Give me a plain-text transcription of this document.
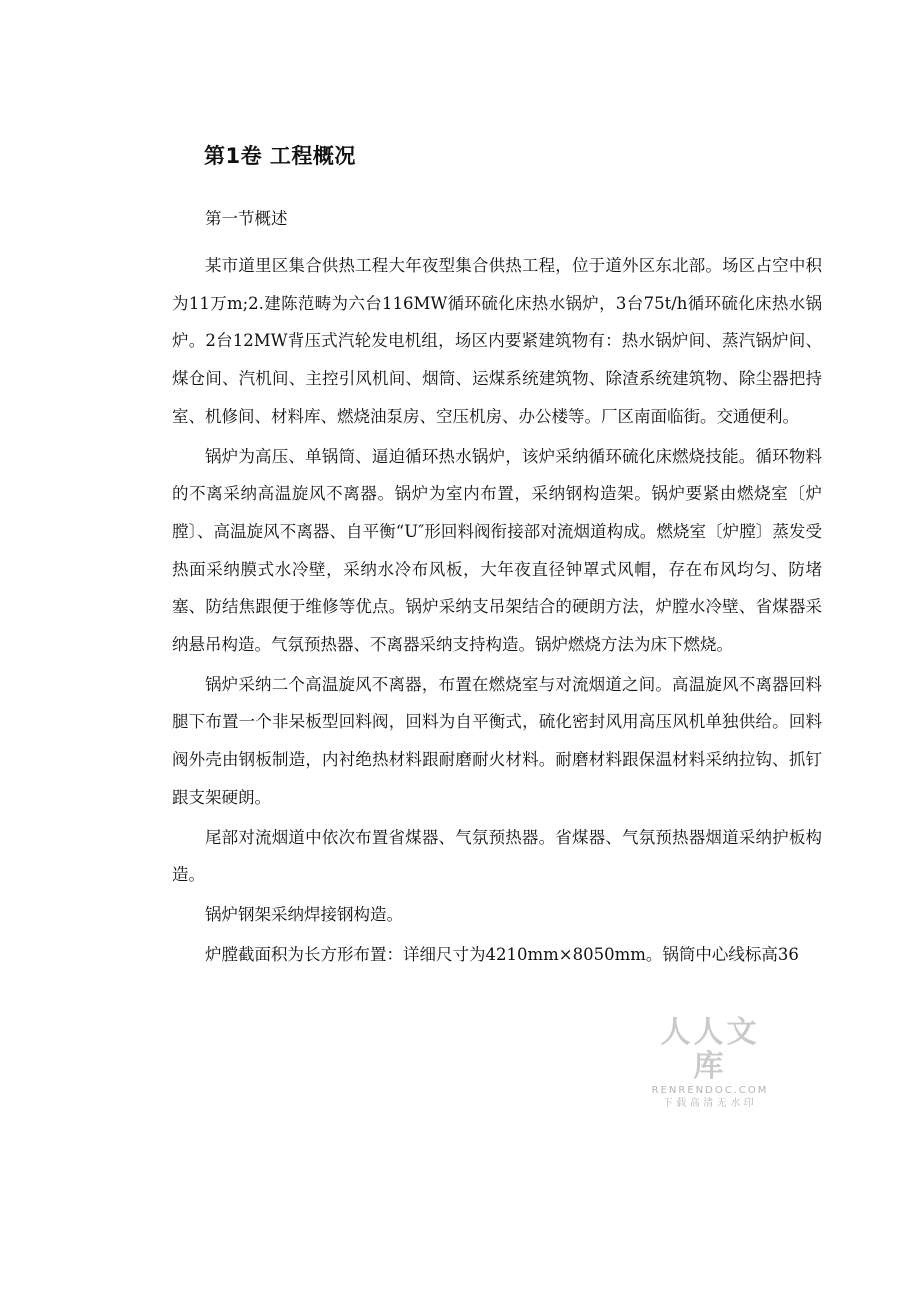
第1卷 工程概况
第一节概述

某市道里区集合供热工程大年夜型集合供热工程，位于道外区东北部。场区占空中积为11万m;2.建陈范畴为六台116MW循环硫化床热水锅炉，3台75t/h循环硫化床热水锅炉。2台12MW背压式汽轮发电机组，场区内要紧建筑物有：热水锅炉间、蒸汽锅炉间、煤仓间、汽机间、主控引风机间、烟筒、运煤系统建筑物、除渣系统建筑物、除尘器把持室、机修间、材料库、燃烧油泵房、空压机房、办公楼等。厂区南面临街。交通便利。

锅炉为高压、单锅筒、逼迫循环热水锅炉，该炉采纳循环硫化床燃烧技能。循环物料的不离采纳高温旋风不离器。锅炉为室内布置，采纳钢构造架。锅炉要紧由燃烧室〔炉膛〕、高温旋风不离器、自平衡“U″形回料阀衔接部对流烟道构成。燃烧室〔炉膛〕蒸发受热面采纳膜式水冷壁，采纳水冷布风板，大年夜直径钟罩式风帽，存在布风均匀、防堵塞、防结焦跟便于维修等优点。锅炉采纳支吊架结合的硬朗方法，炉膛水冷壁、省煤器采纳悬吊构造。气氛预热器、不离器采纳支持构造。锅炉燃烧方法为床下燃烧。

锅炉采纳二个高温旋风不离器，布置在燃烧室与对流烟道之间。高温旋风不离器回料腿下布置一个非呆板型回料阀，回料为自平衡式，硫化密封风用高压风机单独供给。回料阀外壳由钢板制造，内衬绝热材料跟耐磨耐火材料。耐磨材料跟保温材料采纳拉钩、抓钉跟支架硬朗。

尾部对流烟道中依次布置省煤器、气氛预热器。省煤器、气氛预热器烟道采纳护板构造。

锅炉钢架采纳焊接钢构造。

炉膛截面积为长方形布置：详细尺寸为4210mm×8050mm。锅筒中心线标高36

人人文库
RENRENDOC.COM
下载高清无水印
